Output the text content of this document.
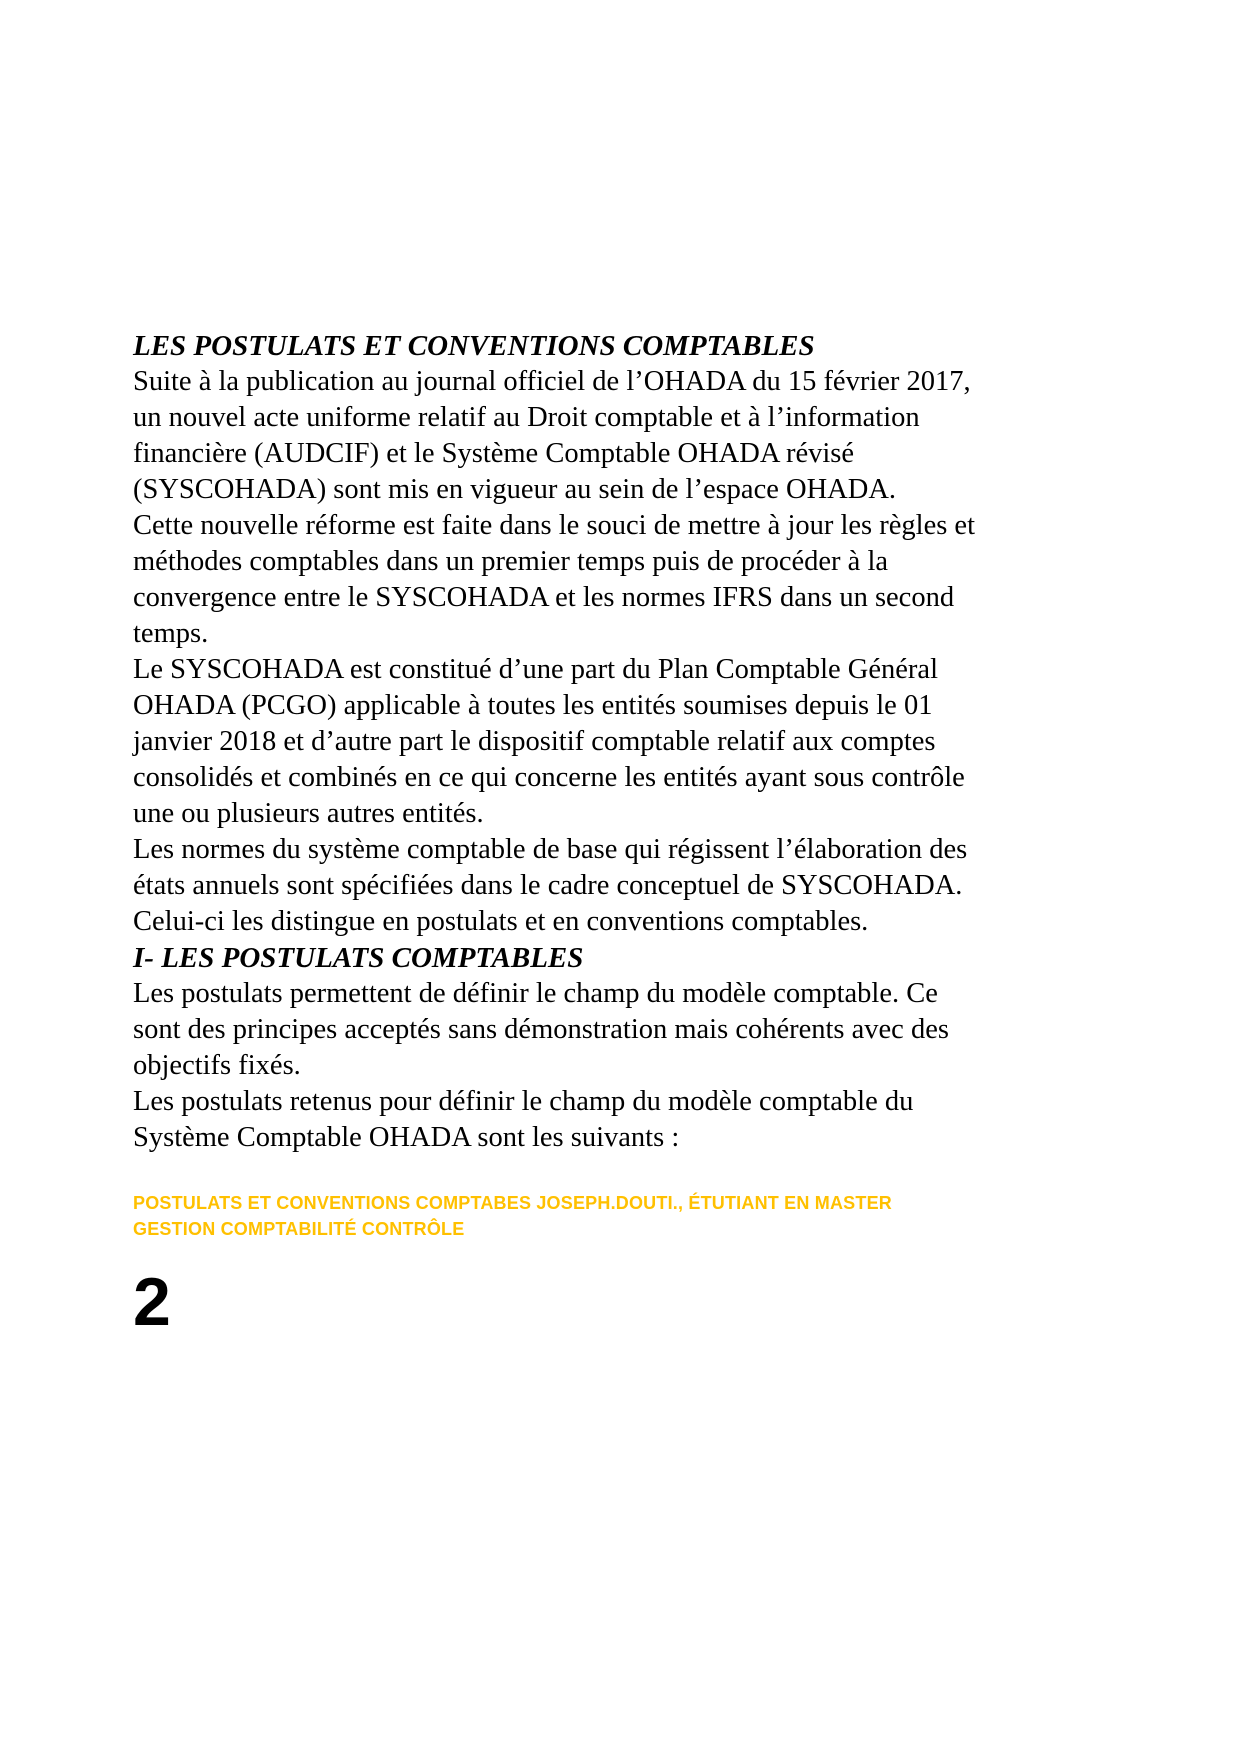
LES POSTULATS ET CONVENTIONS COMPTABLES

Suite à la publication au journal officiel de l’OHADA du 15 février 2017, un nouvel acte uniforme relatif au Droit comptable et à l’information financière (AUDCIF) et le Système Comptable OHADA révisé (SYSCOHADA) sont mis en vigueur au sein de l’espace OHADA.

Cette nouvelle réforme est faite dans le souci de mettre à jour les règles et méthodes comptables dans un premier temps puis de procéder à la convergence entre le SYSCOHADA et les normes IFRS dans un second temps.

Le SYSCOHADA est constitué d’une part du Plan Comptable Général OHADA (PCGO) applicable à toutes les entités soumises depuis le 01 janvier 2018 et d’autre part le dispositif comptable relatif aux comptes consolidés et combinés en ce qui concerne les entités ayant sous contrôle une ou plusieurs autres entités.

Les normes du système comptable de base qui régissent l’élaboration des états annuels sont spécifiées dans le cadre conceptuel de SYSCOHADA. Celui-ci les distingue en postulats et en conventions comptables.

I- LES POSTULATS COMPTABLES

Les postulats permettent de définir le champ du modèle comptable. Ce sont des principes acceptés sans démonstration mais cohérents avec des objectifs fixés.

Les postulats retenus pour définir le champ du modèle comptable du Système Comptable OHADA sont les suivants :

POSTULATS ET CONVENTIONS COMPTABES JOSEPH.DOUTI., ÉTUTIANT EN MASTER GESTION COMPTABILITÉ CONTRÔLE
2
